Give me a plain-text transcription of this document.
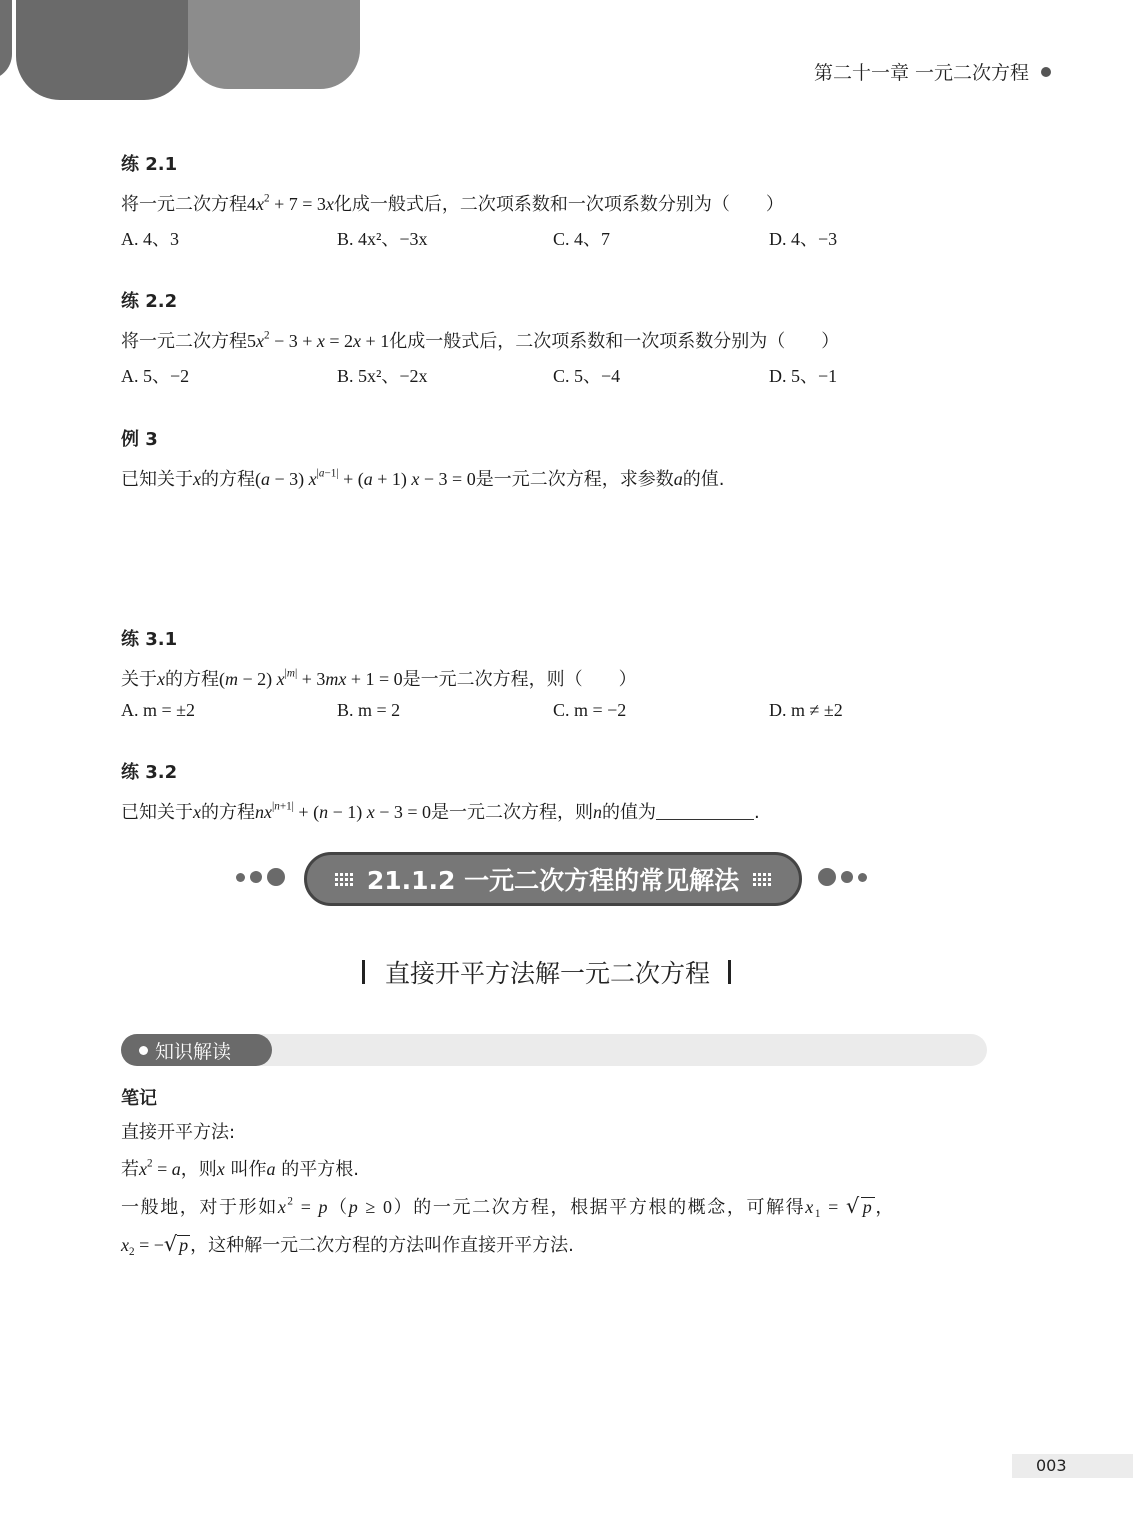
第二十一章 一元二次方程
练 2.1
将一元二次方程$4x^2 + 7 = 3x$化成一般式后，二次项系数和一次项系数分别为（　　）
A. 4、3	B. 4x²、−3x	C. 4、7	D. 4、−3
练 2.2
将一元二次方程$5x^2 - 3 + x = 2x + 1$化成一般式后，二次项系数和一次项系数分别为（　　）
A. 5、−2	B. 5x²、−2x	C. 5、−4	D. 5、−1
例 3
已知关于x的方程(a − 3) $x^{|a-1|} + (a + 1) x - 3 = 0$是一元二次方程，求参数a的值.
练 3.1
关于x的方程(m − 2) $x^{|m|} + 3mx + 1 = 0$是一元二次方程，则（　　）
A. m = ±2	B. m = 2	C. m = −2	D. m ≠ ±2
练 3.2
已知关于x的方程$nx^{|n+1|} + (n - 1) x - 3 = 0$是一元二次方程，则n的值为	.
21.1.2 一元二次方程的常见解法
直接开平方法解一元二次方程
知识解读
笔记
直接开平方法:
若$x^2 = a$，则x 叫作a 的平方根.
一般地，对于形如$x^2 = p(p \ge 0)$的一元二次方程，根据平方根的概念，可解得$x_1$ = √ p ，
$x_2$ = −√ p ，这种解一元二次方程的方法叫作直接开平方法.
003
